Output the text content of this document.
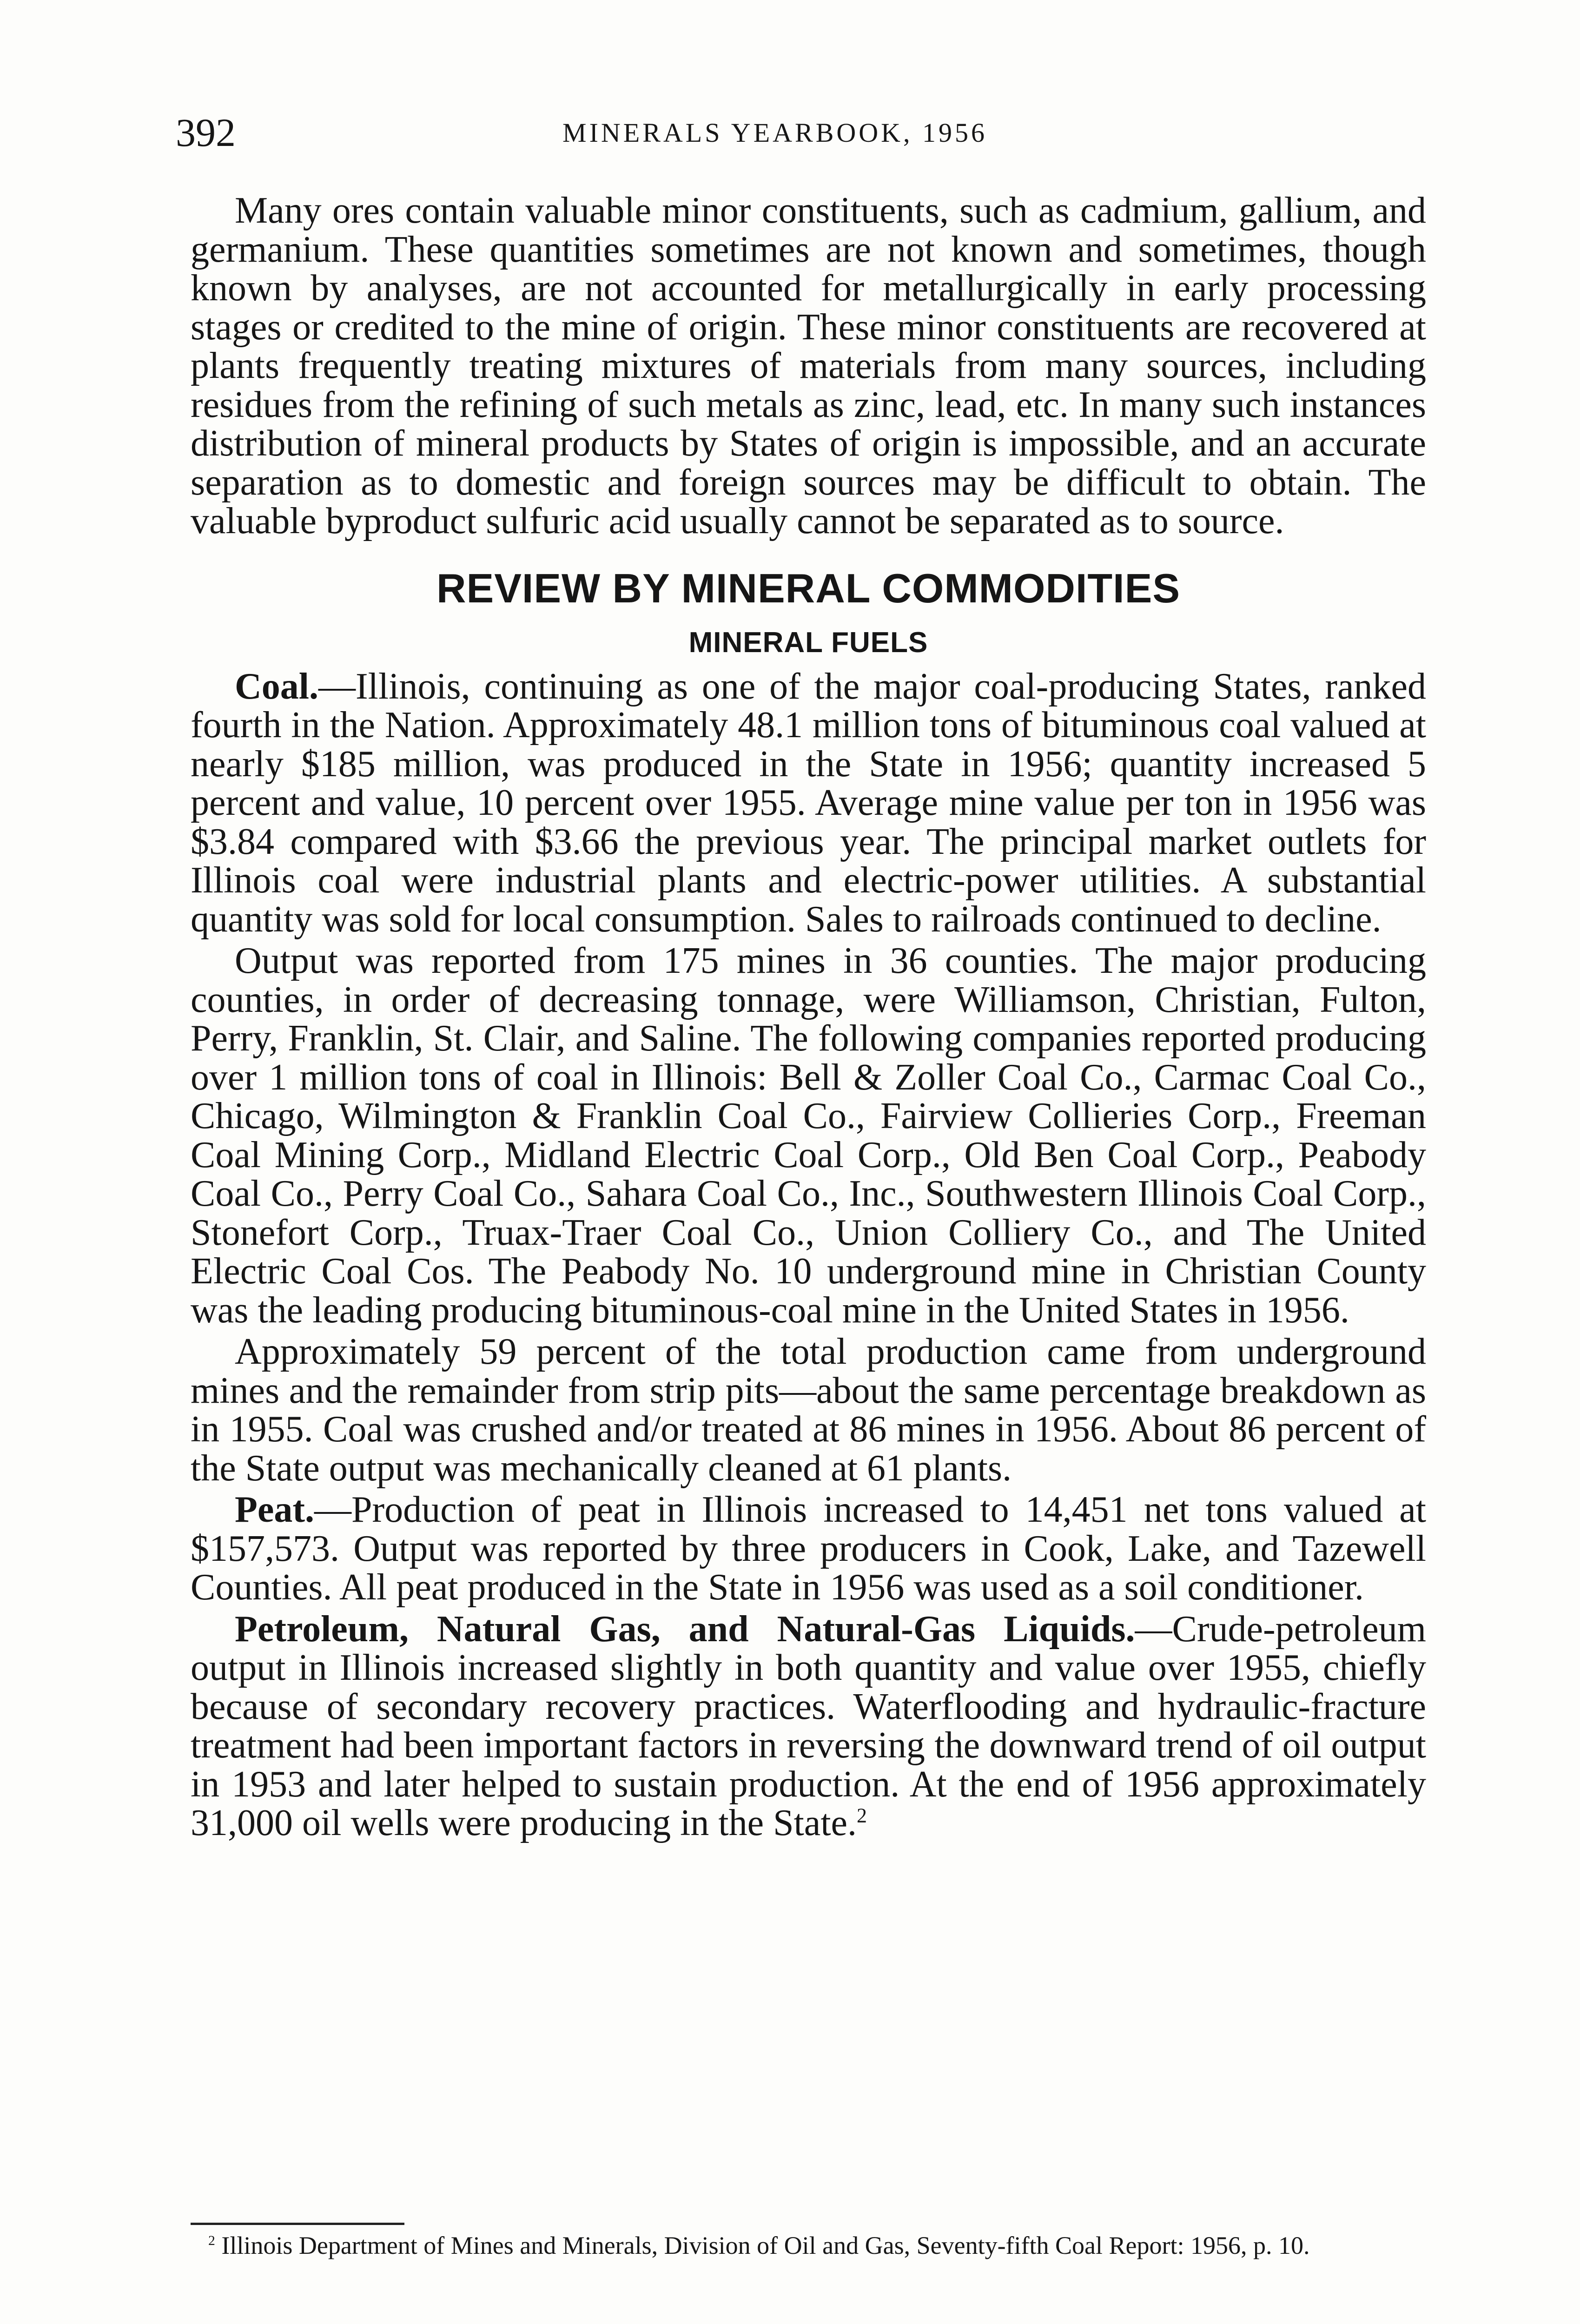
392	MINERALS YEARBOOK, 1956

Many ores contain valuable minor constituents, such as cadmium, gallium, and germanium. These quantities sometimes are not known and sometimes, though known by analyses, are not accounted for metallurgically in early processing stages or credited to the mine of origin. These minor constituents are recovered at plants frequently treating mixtures of materials from many sources, including residues from the refining of such metals as zinc, lead, etc. In many such instances distribution of mineral products by States of origin is impossible, and an accurate separation as to domestic and foreign sources may be difficult to obtain. The valuable byproduct sulfuric acid usually cannot be separated as to source.

REVIEW BY MINERAL COMMODITIES
MINERAL FUELS

Coal.—Illinois, continuing as one of the major coal-producing States, ranked fourth in the Nation. Approximately 48.1 million tons of bituminous coal valued at nearly $185 million, was produced in the State in 1956; quantity increased 5 percent and value, 10 percent over 1955. Average mine value per ton in 1956 was $3.84 compared with $3.66 the previous year. The principal market outlets for Illinois coal were industrial plants and electric-power utilities. A substantial quantity was sold for local consumption. Sales to railroads continued to decline.

Output was reported from 175 mines in 36 counties. The major producing counties, in order of decreasing tonnage, were Williamson, Christian, Fulton, Perry, Franklin, St. Clair, and Saline. The following companies reported producing over 1 million tons of coal in Illinois: Bell & Zoller Coal Co., Carmac Coal Co., Chicago, Wilmington & Franklin Coal Co., Fairview Collieries Corp., Freeman Coal Mining Corp., Midland Electric Coal Corp., Old Ben Coal Corp., Peabody Coal Co., Perry Coal Co., Sahara Coal Co., Inc., Southwestern Illinois Coal Corp., Stonefort Corp., Truax-Traer Coal Co., Union Colliery Co., and The United Electric Coal Cos. The Peabody No. 10 underground mine in Christian County was the leading producing bituminous-coal mine in the United States in 1956.

Approximately 59 percent of the total production came from underground mines and the remainder from strip pits—about the same percentage breakdown as in 1955. Coal was crushed and/or treated at 86 mines in 1956. About 86 percent of the State output was mechanically cleaned at 61 plants.

Peat.—Production of peat in Illinois increased to 14,451 net tons valued at $157,573. Output was reported by three producers in Cook, Lake, and Tazewell Counties. All peat produced in the State in 1956 was used as a soil conditioner.

Petroleum, Natural Gas, and Natural-Gas Liquids.—Crude-petroleum output in Illinois increased slightly in both quantity and value over 1955, chiefly because of secondary recovery practices. Waterflooding and hydraulic-fracture treatment had been important factors in reversing the downward trend of oil output in 1953 and later helped to sustain production. At the end of 1956 approximately 31,000 oil wells were producing in the State.$^2$

$^2$ Illinois Department of Mines and Minerals, Division of Oil and Gas, Seventy-fifth Coal Report: 1956, p. 10.
